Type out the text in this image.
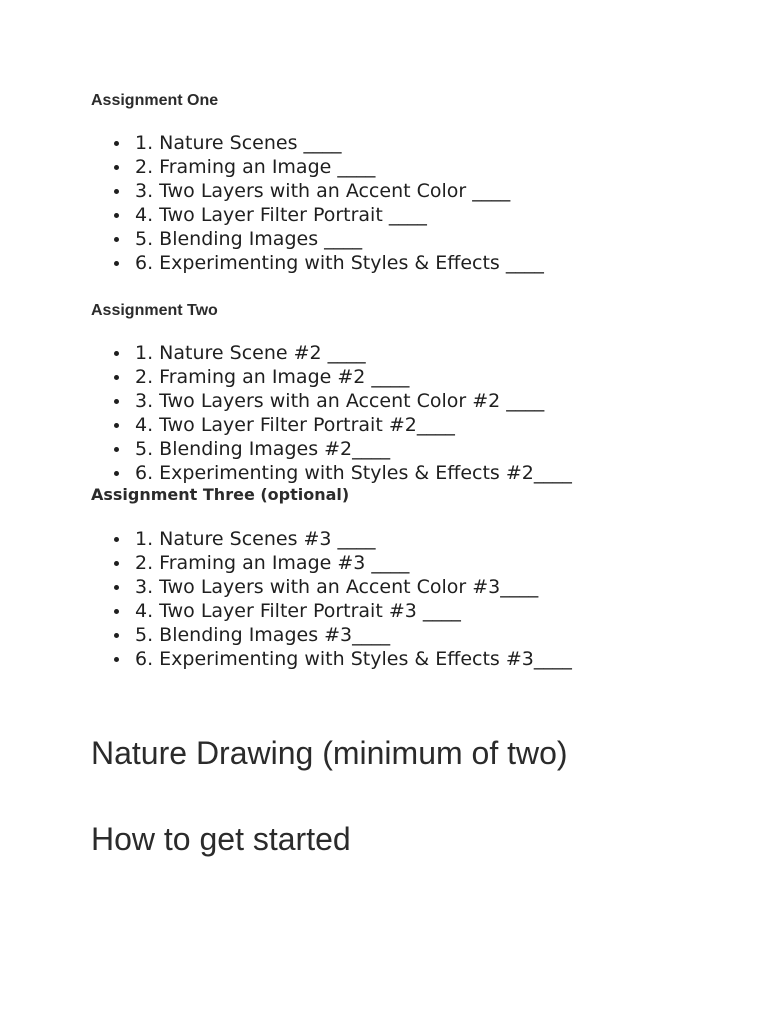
Assignment One
1. Nature Scenes ____
2. Framing an Image ____
3. Two Layers with an Accent Color ____
4. Two Layer Filter Portrait ____
5. Blending Images ____
6. Experimenting with Styles & Effects ____
Assignment Two
1. Nature Scene #2 ____
2. Framing an Image #2 ____
3. Two Layers with an Accent Color #2 ____
4. Two Layer Filter Portrait #2____
5. Blending Images #2____
6. Experimenting with Styles & Effects #2____
Assignment Three (optional)
1. Nature Scenes #3 ____
2. Framing an Image #3 ____
3. Two Layers with an Accent Color #3____
4. Two Layer Filter Portrait #3 ____
5. Blending Images #3____
6. Experimenting with Styles & Effects #3____
Nature Drawing (minimum of two)
How to get started
